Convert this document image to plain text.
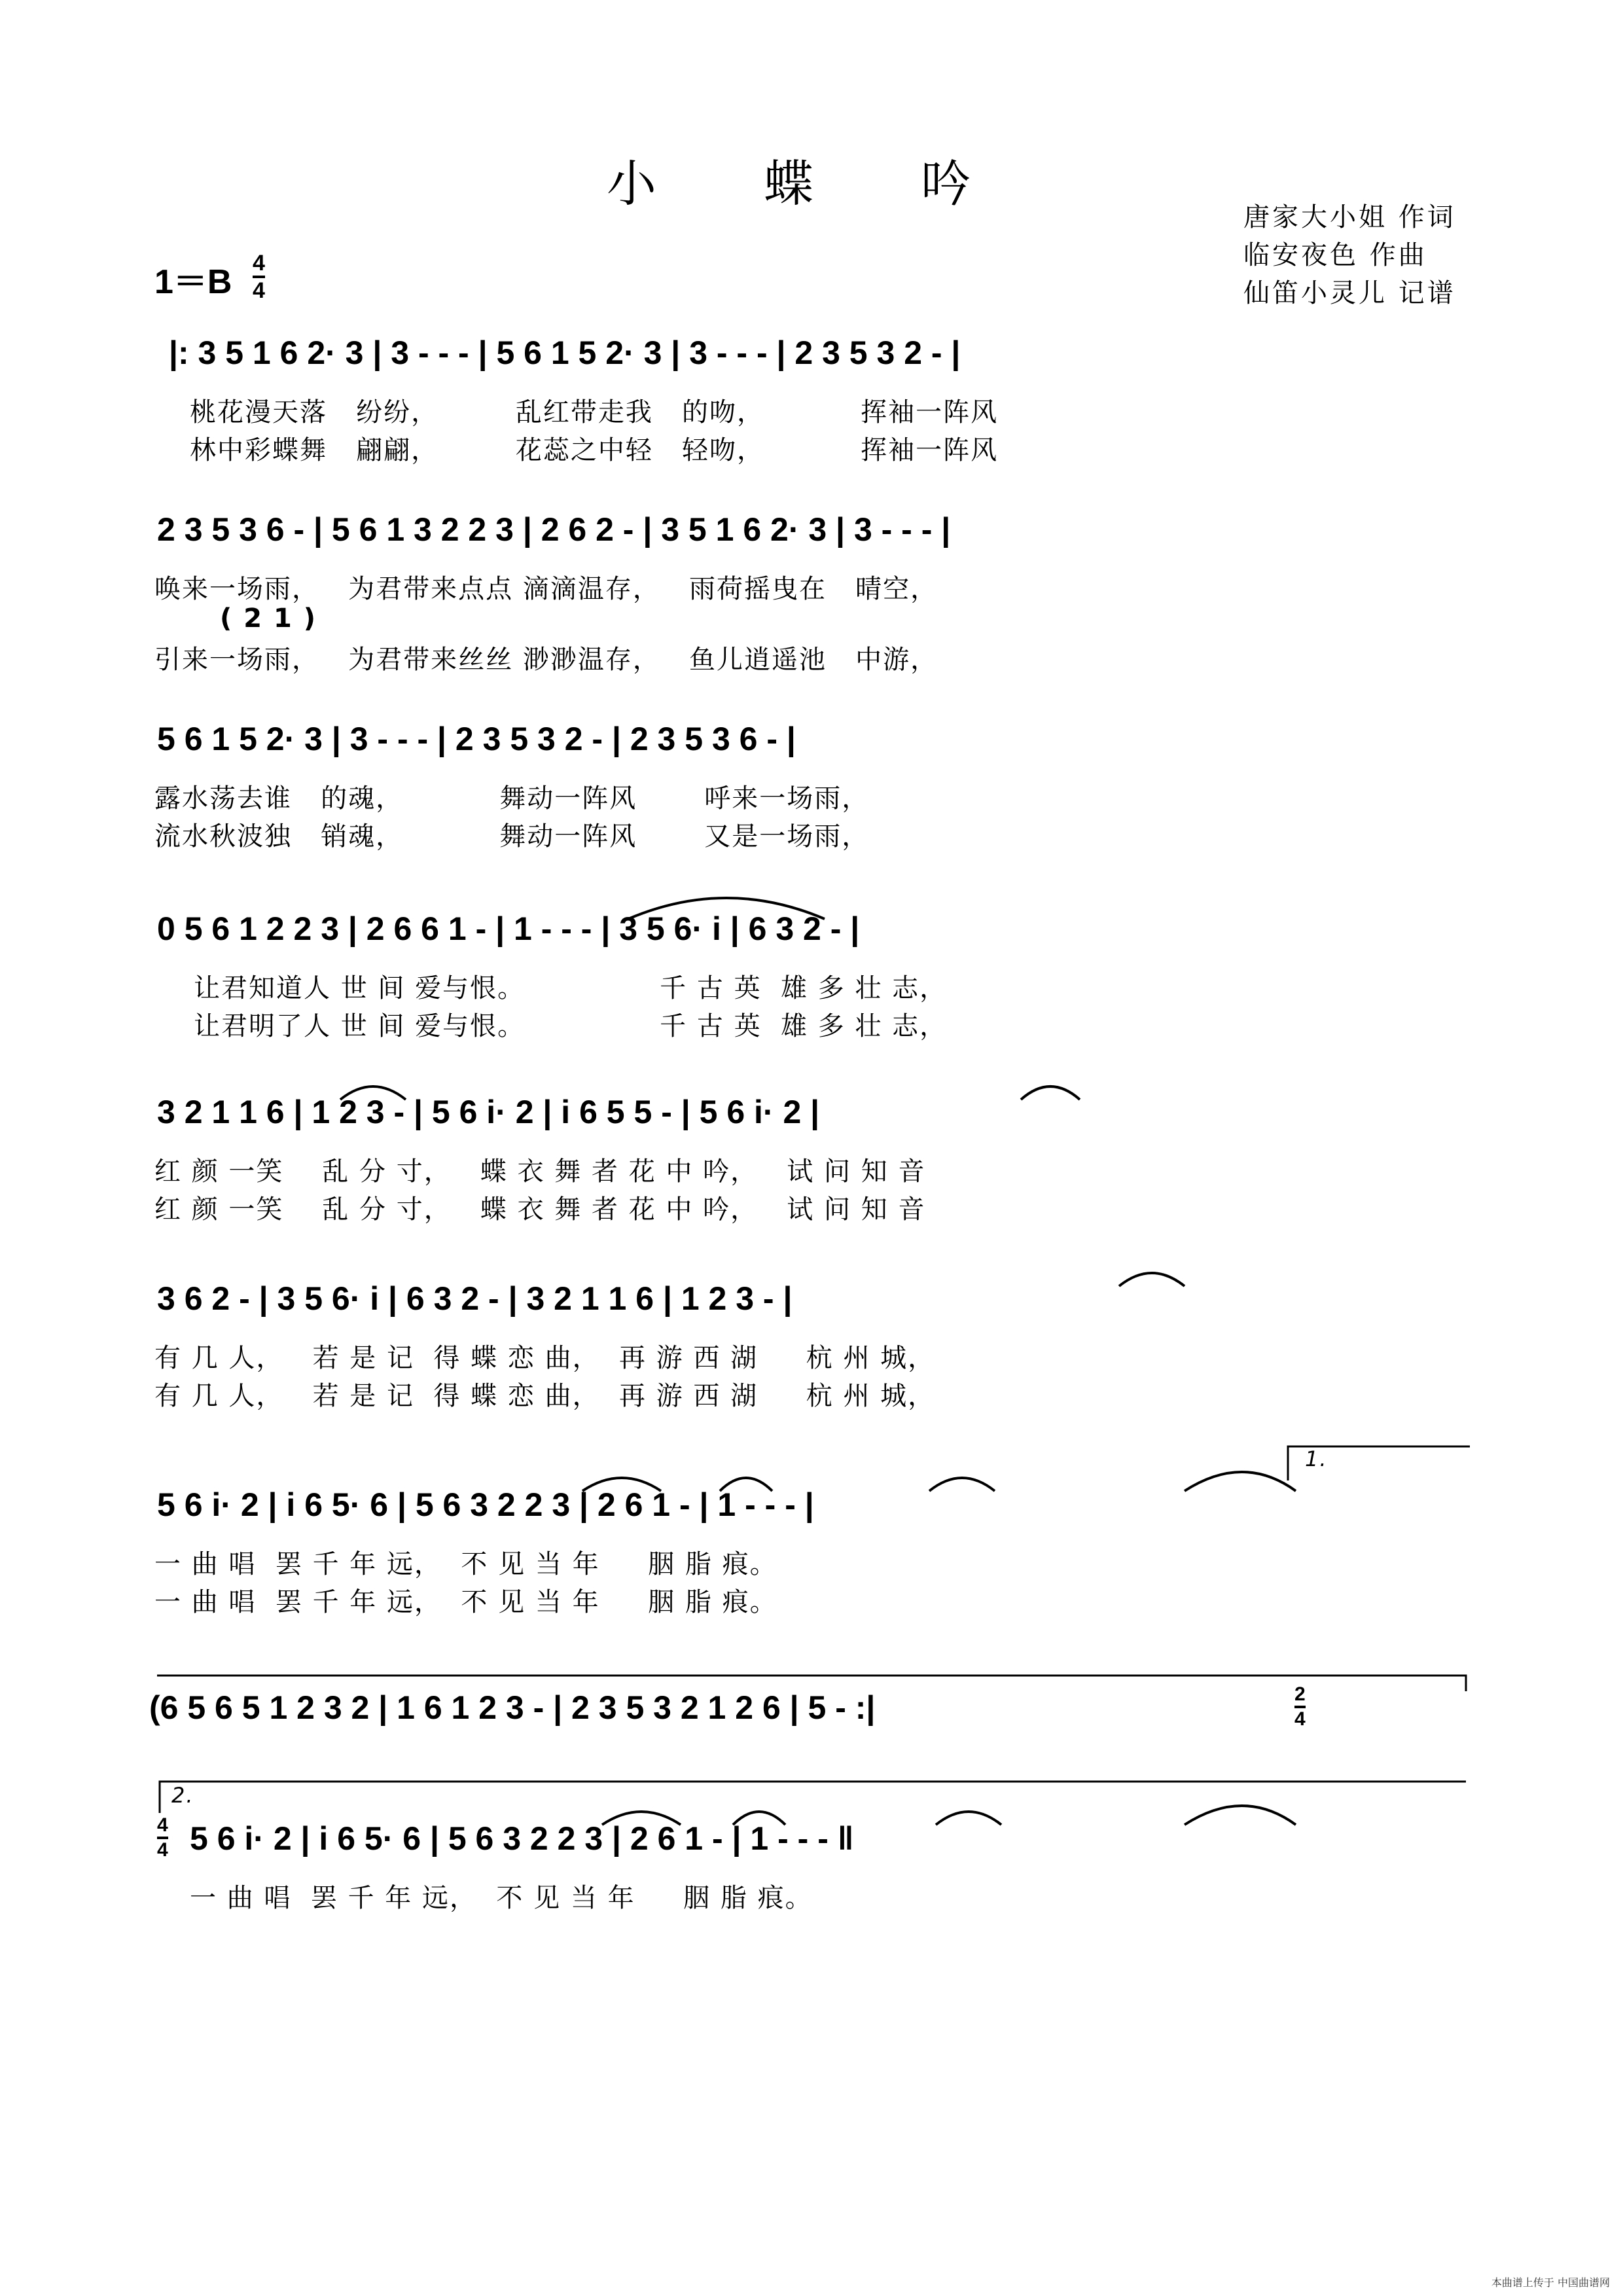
小 蝶 吟
唐家大小姐 作词
临安夜色 作曲
仙笛小灵儿 记谱
1＝B 4
4
|: 3 5 1 6 2· 3 | 3 - - - | 5 6 1 5 2· 3 | 3 - - - | 2 3 5 3 2 - |
桃花漫天落   纷纷，        乱红带走我   的吻，          挥袖一阵风
林中彩蝶舞   翩翩，        花蕊之中轻   轻吻，          挥袖一阵风
2 3 5 3 6 - | 5 6 1 3 2 2 3 | 2 6 2 - | 3 5 1 6 2· 3 | 3 - - - |
唤来一场雨，   为君带来点点 滴滴温存，   雨荷摇曳在   晴空，
( 2 1 )
引来一场雨，   为君带来丝丝 渺渺温存，   鱼儿逍遥池   中游，
5 6 1 5 2· 3 | 3 - - - | 2 3 5 3 2 - | 2 3 5 3 6 - |
露水荡去谁   的魂，          舞动一阵风       呼来一场雨，
流水秋波独   销魂，          舞动一阵风       又是一场雨，
0 5 6 1 2 2 3 | 2 6 6 1 - | 1 - - - | 3 5 6· i | 6 3 2 - |
让君知道人 世 间 爱与恨。              千 古 英  雄 多 壮 志，
让君明了人 世 间 爱与恨。              千 古 英  雄 多 壮 志，
3 2 1 1 6 | 1 2 3 - | 5 6 i· 2 | i 6 5 5 - | 5 6 i· 2 |
红 颜 一笑    乱 分 寸，   蝶 衣 舞 者 花 中 吟，   试 问 知 音
红 颜 一笑    乱 分 寸，   蝶 衣 舞 者 花 中 吟，   试 问 知 音
3 6 2 - | 3 5 6· i | 6 3 2 - | 3 2 1 1 6 | 1 2 3 - |
有 几 人，   若 是 记  得 蝶 恋 曲，  再 游 西 湖     杭 州 城，
有 几 人，   若 是 记  得 蝶 恋 曲，  再 游 西 湖     杭 州 城，
5 6 i· 2 | i 6 5· 6 | 5 6 3 2 2 3 | 2 6 1 - | 1 - - - |
一 曲 唱  罢 千 年 远，  不 见 当 年     胭 脂 痕。
一 曲 唱  罢 千 年 远，  不 见 当 年     胭 脂 痕。
1.
(6 5 6 5 1 2 3 2 | 1 6 1 2 3 - | 2 3 5 3 2 1 2 6 | 5 - :|	2
4
4
4 5 6 i· 2 | i 6 5· 6 | 5 6 3 2 2 3 | 2 6 1 - | 1 - - - ‖
一 曲 唱  罢 千 年 远，  不 见 当 年     胭 脂 痕。
2.
本曲谱上传于 中国曲谱网
